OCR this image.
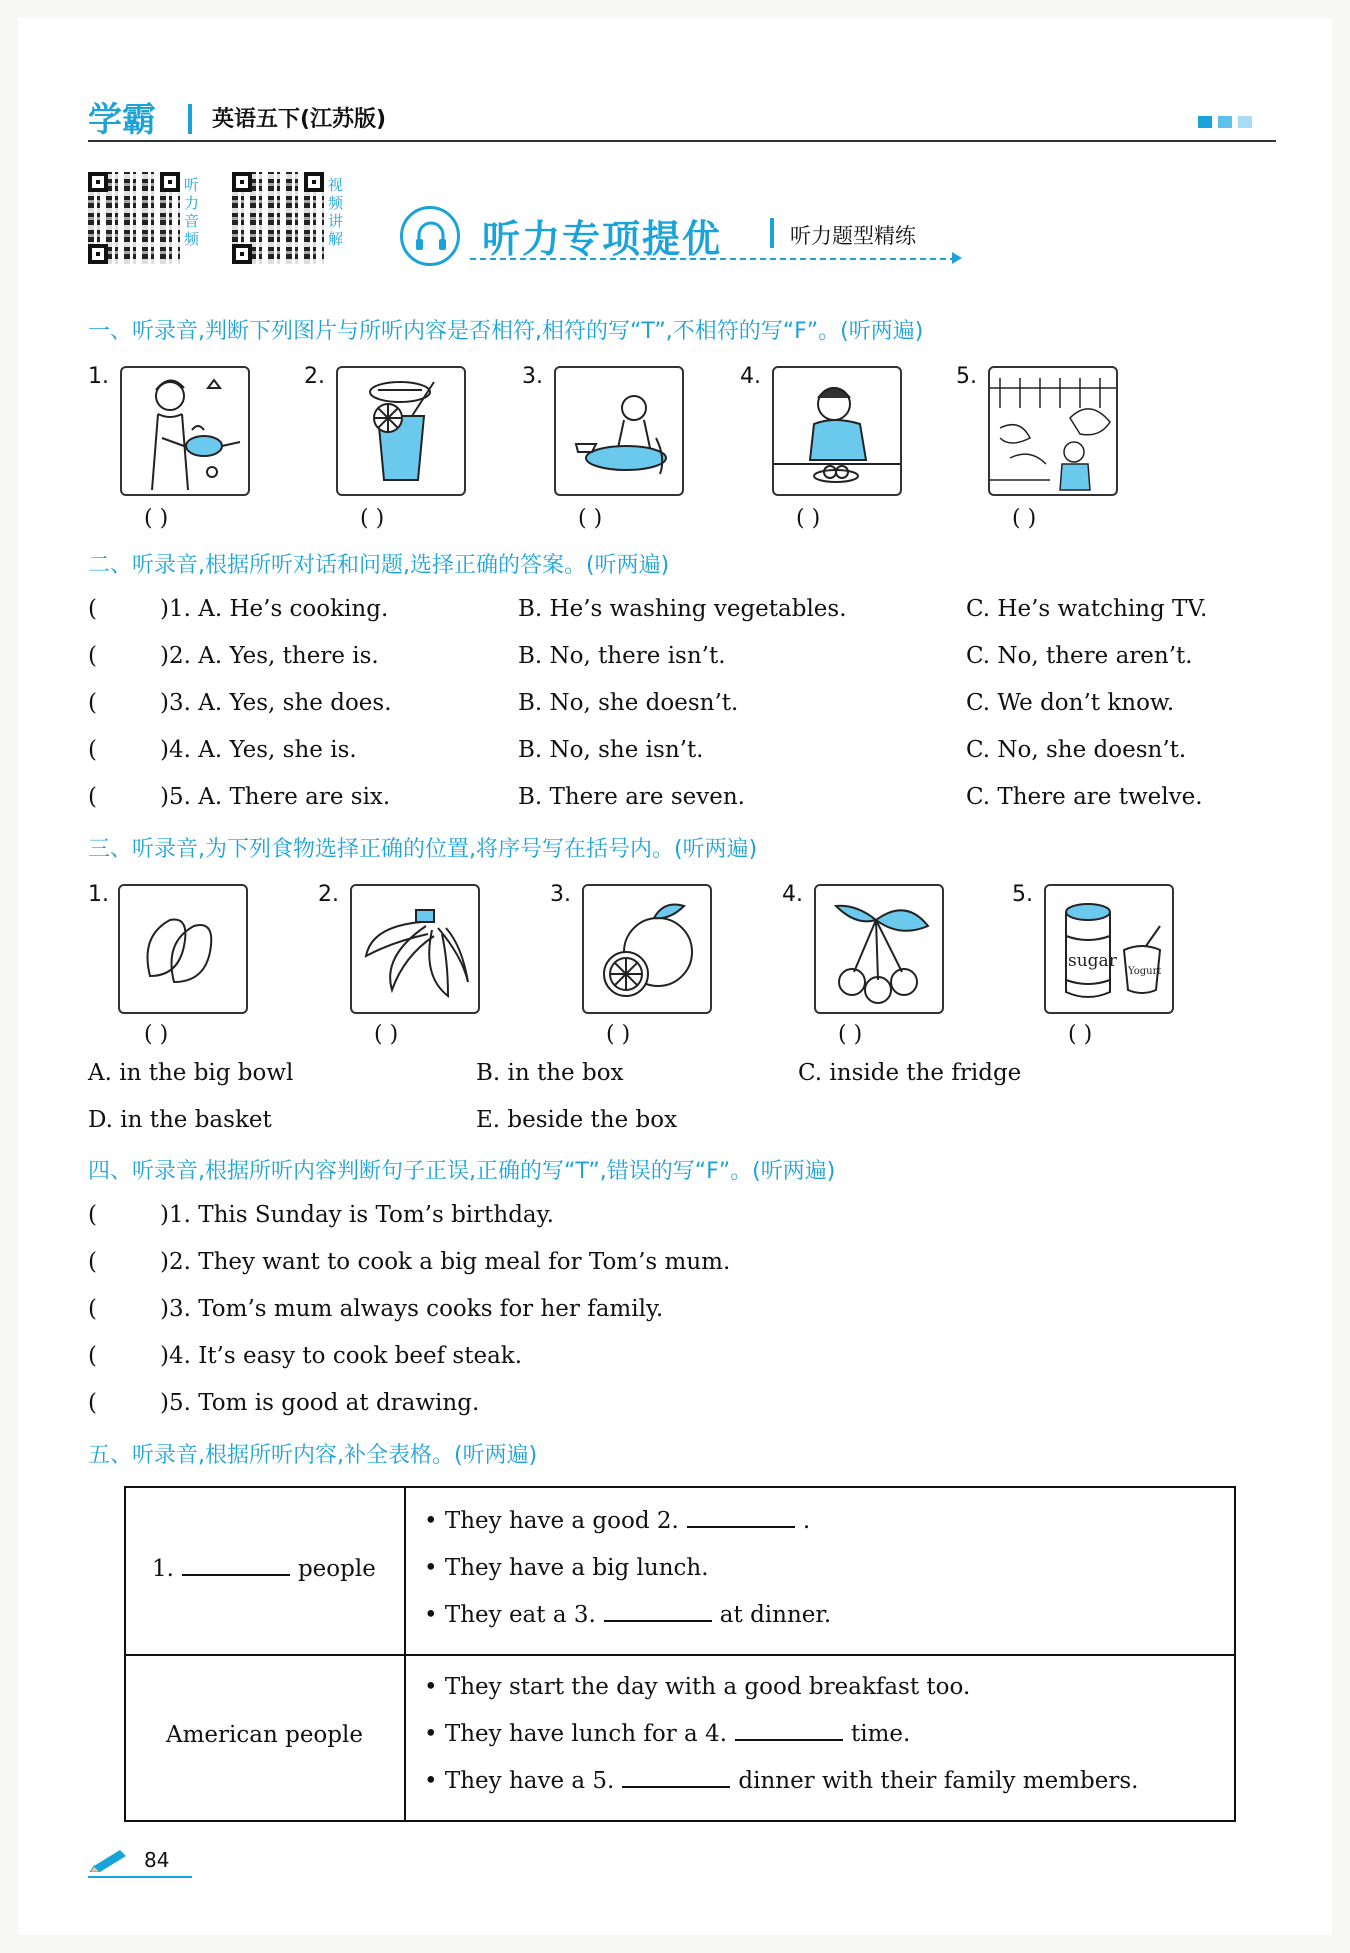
学霸	英语五下(江苏版)
听
力
音
频
视
频
讲
解	听力专项提优	听力题型精练
一、听录音,判断下列图片与所听内容是否相符,相符的写“T”,不相符的写“F”。(听两遍)
1.
( )
2.
( )
3.
( )
4.
( )
5.
( )
二、听录音,根据所听对话和问题,选择正确的答案。(听两遍)
(	)1. A. He’s cooking.	B. He’s washing vegetables.	C. He’s watching TV.
(	)2. A. Yes, there is.	B. No, there isn’t.	C. No, there aren’t.
(	)3. A. Yes, she does.	B. No, she doesn’t.	C. We don’t know.
(	)4. A. Yes, she is.	B. No, she isn’t.	C. No, she doesn’t.
(	)5. A. There are six.	B. There are seven.	C. There are twelve.
三、听录音,为下列食物选择正确的位置,将序号写在括号内。(听两遍)
1.
( )
2.
( )
3.
( )
4.
( )
5.
sugar
Yogurt
( )
A. in the big bowl	B. in the box	C. inside the fridge
D. in the basket	E. beside the box
四、听录音,根据所听内容判断句子正误,正确的写“T”,错误的写“F”。(听两遍)
(	)1. This Sunday is Tom’s birthday.
(	)2. They want to cook a big meal for Tom’s mum.
(	)3. Tom’s mum always cooks for her family.
(	)4. It’s easy to cook beef steak.
(	)5. Tom is good at drawing.
五、听录音,根据所听内容,补全表格。(听两遍)
1.	people
• They have a good 2.	.
• They have a big lunch.
• They eat a 3.	at dinner.
American people
• They start the day with a good breakfast too.
• They have lunch for a 4.	time.
• They have a 5.	dinner with their family members.
84
